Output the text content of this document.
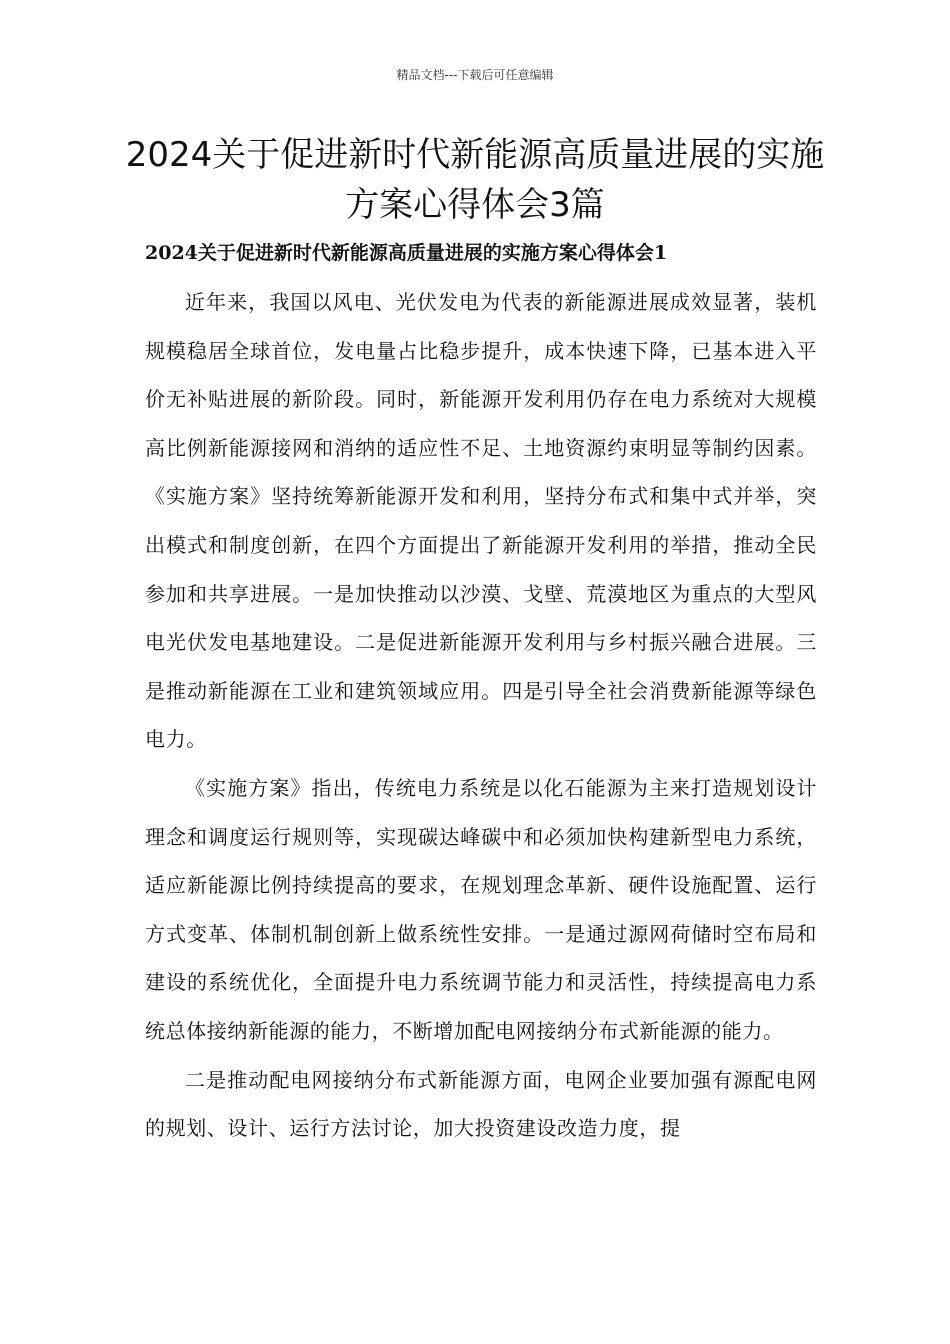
精品文档---下载后可任意编辑
2024关于促进新时代新能源高质量进展的实施方案心得体会3篇
2024关于促进新时代新能源高质量进展的实施方案心得体会1

近年来，我国以风电、光伏发电为代表的新能源进展成效显著，装机规模稳居全球首位，发电量占比稳步提升，成本快速下降，已基本进入平价无补贴进展的新阶段。同时，新能源开发利用仍存在电力系统对大规模高比例新能源接网和消纳的适应性不足、土地资源约束明显等制约因素。《实施方案》坚持统筹新能源开发和利用，坚持分布式和集中式并举，突出模式和制度创新，在四个方面提出了新能源开发利用的举措，推动全民参加和共享进展。一是加快推动以沙漠、戈壁、荒漠地区为重点的大型风电光伏发电基地建设。二是促进新能源开发利用与乡村振兴融合进展。三是推动新能源在工业和建筑领域应用。四是引导全社会消费新能源等绿色电力。

《实施方案》指出，传统电力系统是以化石能源为主来打造规划设计理念和调度运行规则等，实现碳达峰碳中和必须加快构建新型电力系统，适应新能源比例持续提高的要求，在规划理念革新、硬件设施配置、运行方式变革、体制机制创新上做系统性安排。一是通过源网荷储时空布局和建设的系统优化，全面提升电力系统调节能力和灵活性，持续提高电力系统总体接纳新能源的能力，不断增加配电网接纳分布式新能源的能力。

二是推动配电网接纳分布式新能源方面，电网企业要加强有源配电网的规划、设计、运行方法讨论，加大投资建设改造力度，提
